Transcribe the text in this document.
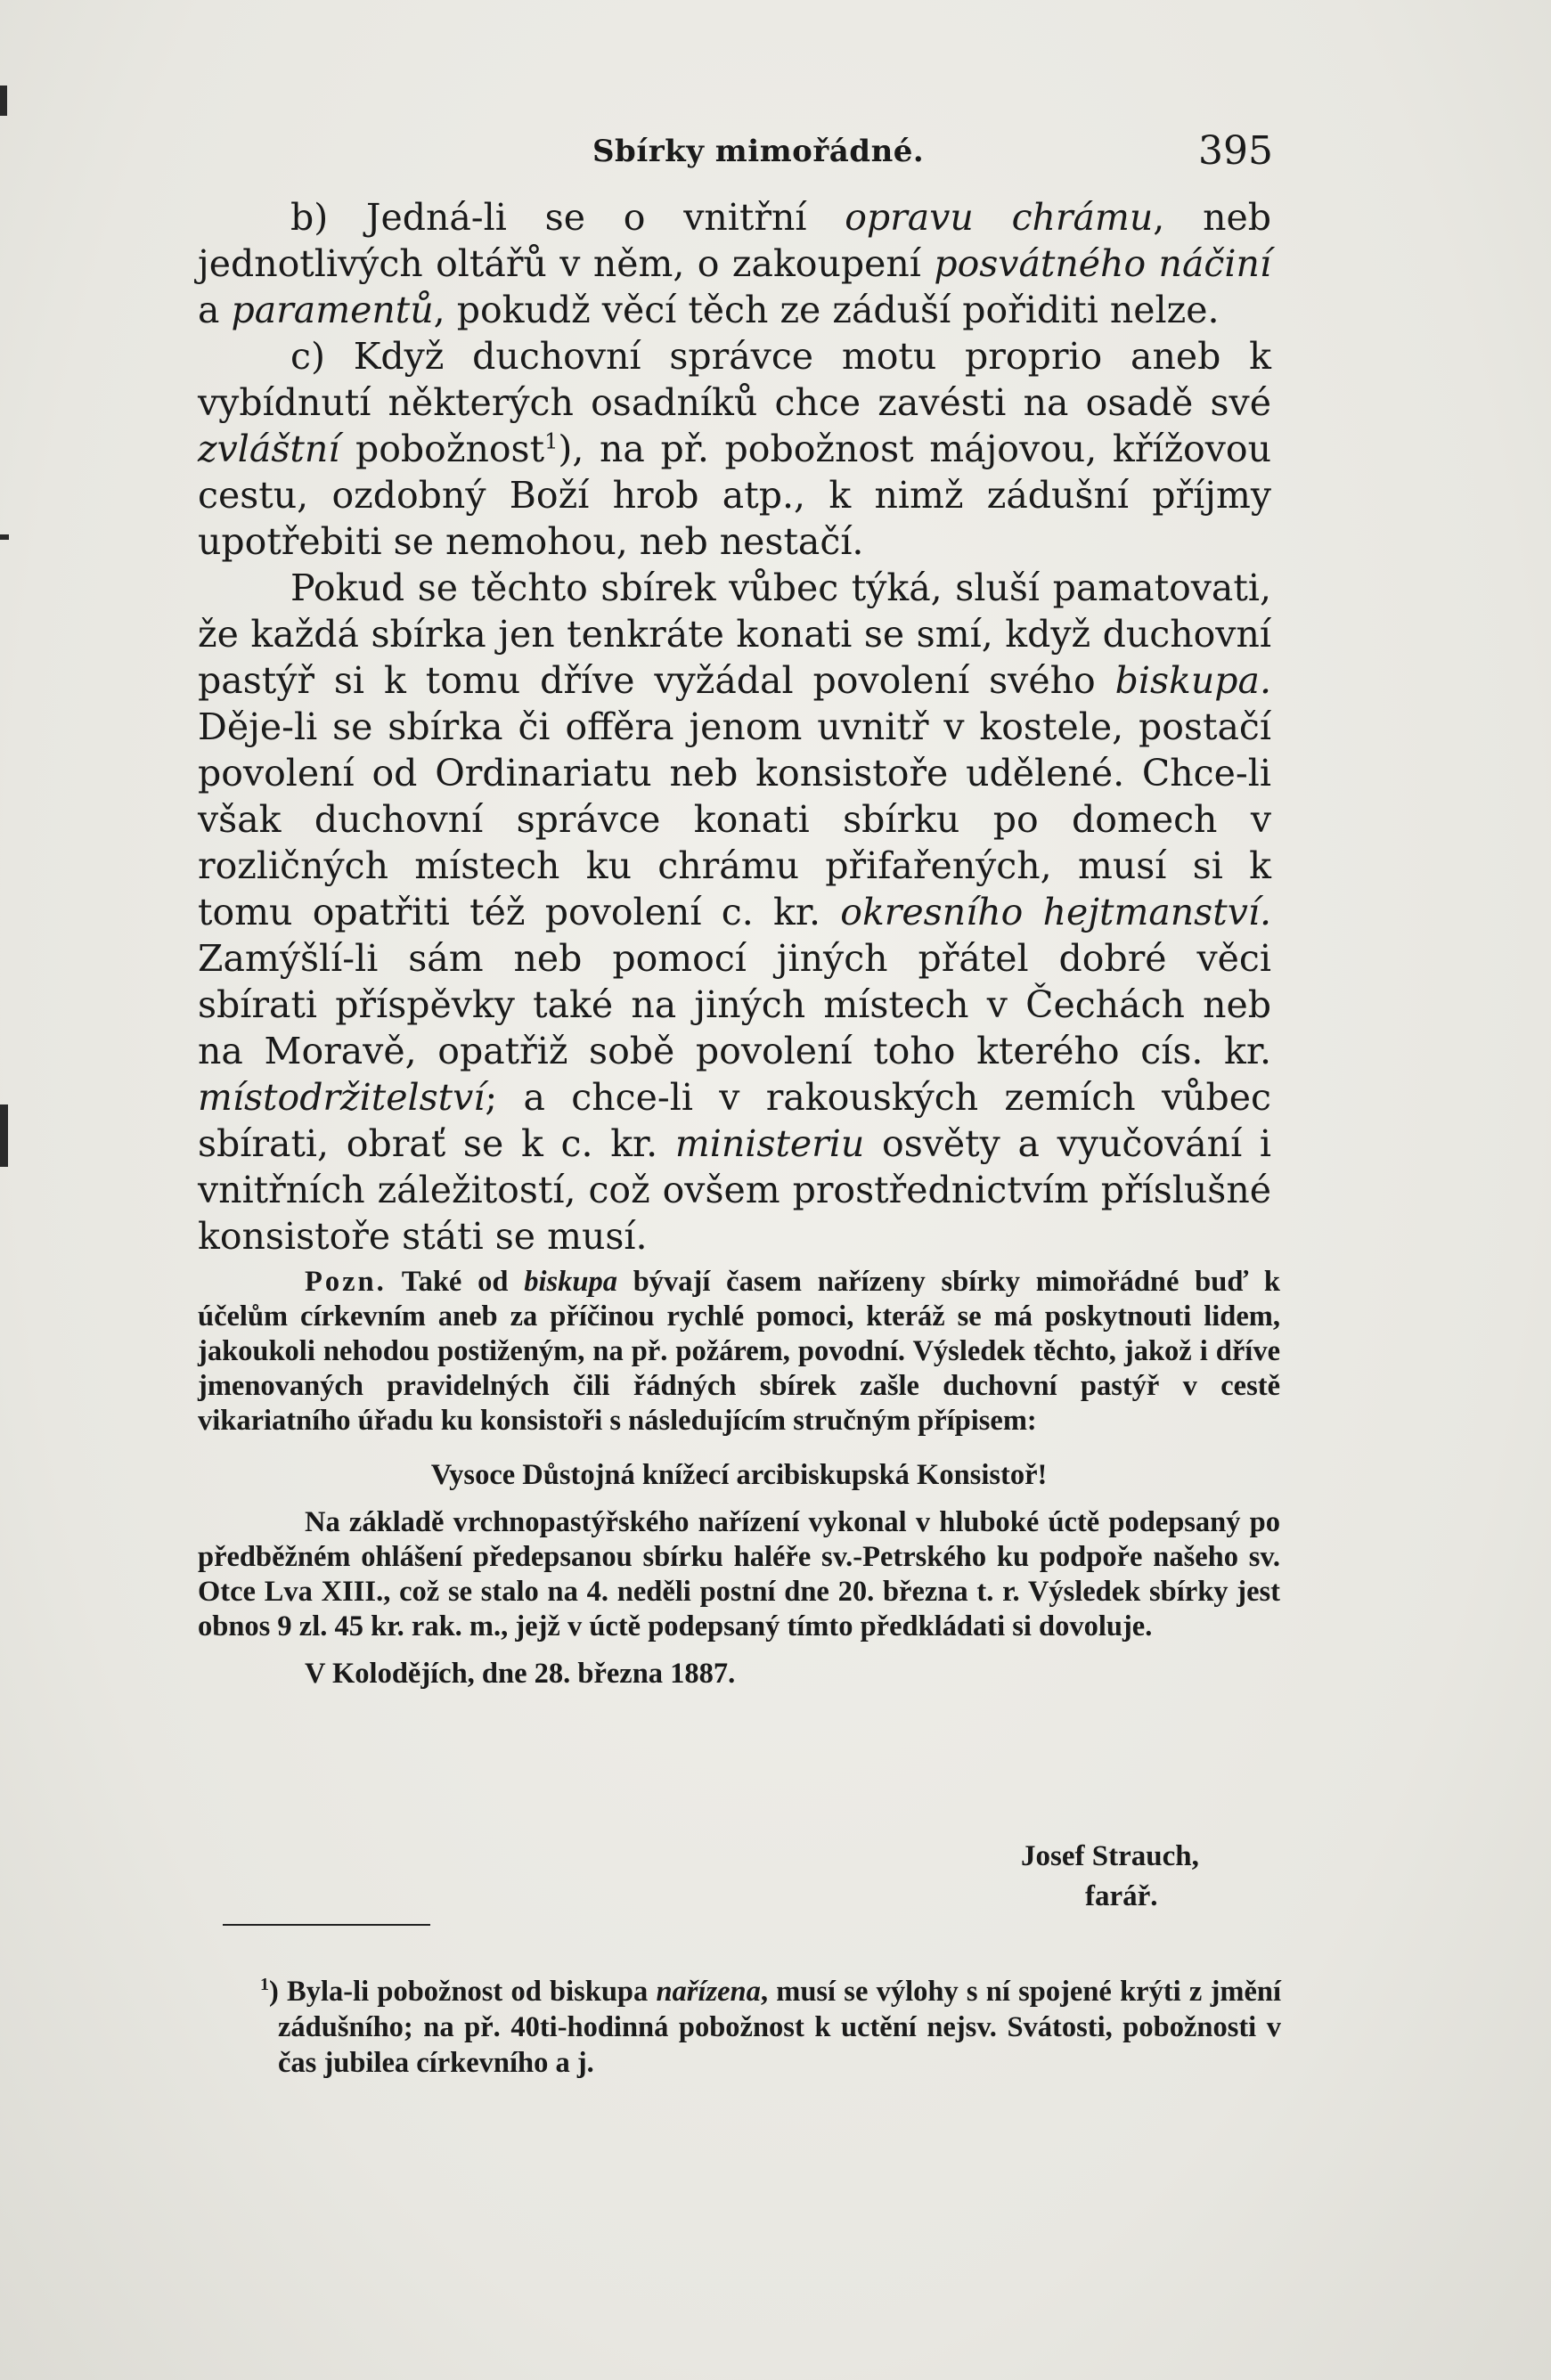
Sbírky mimořádné.	395

b) Jedná-li se o vnitřní opravu chrámu, neb jednotlivých oltářů v něm, o zakoupení posvátného náčiní a paramentů, pokudž věcí těch ze záduší pořiditi nelze.

c) Když duchovní správce motu proprio aneb k vybídnutí některých osadníků chce zavésti na osadě své zvláštní pobožnost$^1$), na př. pobožnost májovou, křížovou cestu, ozdobný Boží hrob atp., k nimž zádušní příjmy upotřebiti se nemohou, neb nestačí.

Pokud se těchto sbírek vůbec týká, sluší pamatovati, že každá sbírka jen tenkráte konati se smí, když duchovní pastýř si k tomu dříve vyžádal povolení svého biskupa. Děje-li se sbírka či offěra jenom uvnitř v kostele, postačí povolení od Ordinariatu neb konsistoře udělené. Chce-li však duchovní správce konati sbírku po domech v rozličných místech ku chrámu přifařených, musí si k tomu opatřiti též povolení c. kr. okresního hejtmanství. Zamýšlí-li sám neb pomocí jiných přátel dobré věci sbírati příspěvky také na jiných místech v Čechách neb na Moravě, opatřiž sobě povolení toho kterého cís. kr. místodržitelství; a chce-li v rakouských zemích vůbec sbírati, obrať se k c. kr. ministeriu osvěty a vyučování i vnitřních záležitostí, což ovšem prostřednictvím příslušné konsistoře státi se musí.

Pozn. Také od biskupa bývají časem nařízeny sbírky mimořádné buď k účelům církevním aneb za příčinou rychlé pomoci, kteráž se má poskytnouti lidem, jakoukoli nehodou postiženým, na př. požárem, povodní. Výsledek těchto, jakož i dříve jmenovaných pravidelných čili řádných sbírek zašle duchovní pastýř v cestě vikariatního úřadu ku konsistoři s následujícím stručným přípisem:

Vysoce Důstojná knížecí arcibiskupská Konsistoř!

Na základě vrchnopastýřského nařízení vykonal v hluboké úctě podepsaný po předběžném ohlášení předepsanou sbírku haléře sv.-Petrského ku podpoře našeho sv. Otce Lva XIII., což se stalo na 4. neděli postní dne 20. března t. r. Výsledek sbírky jest obnos 9 zl. 45 kr. rak. m., jejž v úctě podepsaný tímto předkládati si dovoluje.

V Kolodějích, dne 28. března 1887.

Josef Strauch,
farář.

$^1$) Byla-li pobožnost od biskupa nařízena, musí se výlohy s ní spojené krýti z jmění zádušního; na př. 40ti-hodinná pobožnost k uctění nejsv. Svátosti, pobožnosti v čas jubilea církevního a j.
